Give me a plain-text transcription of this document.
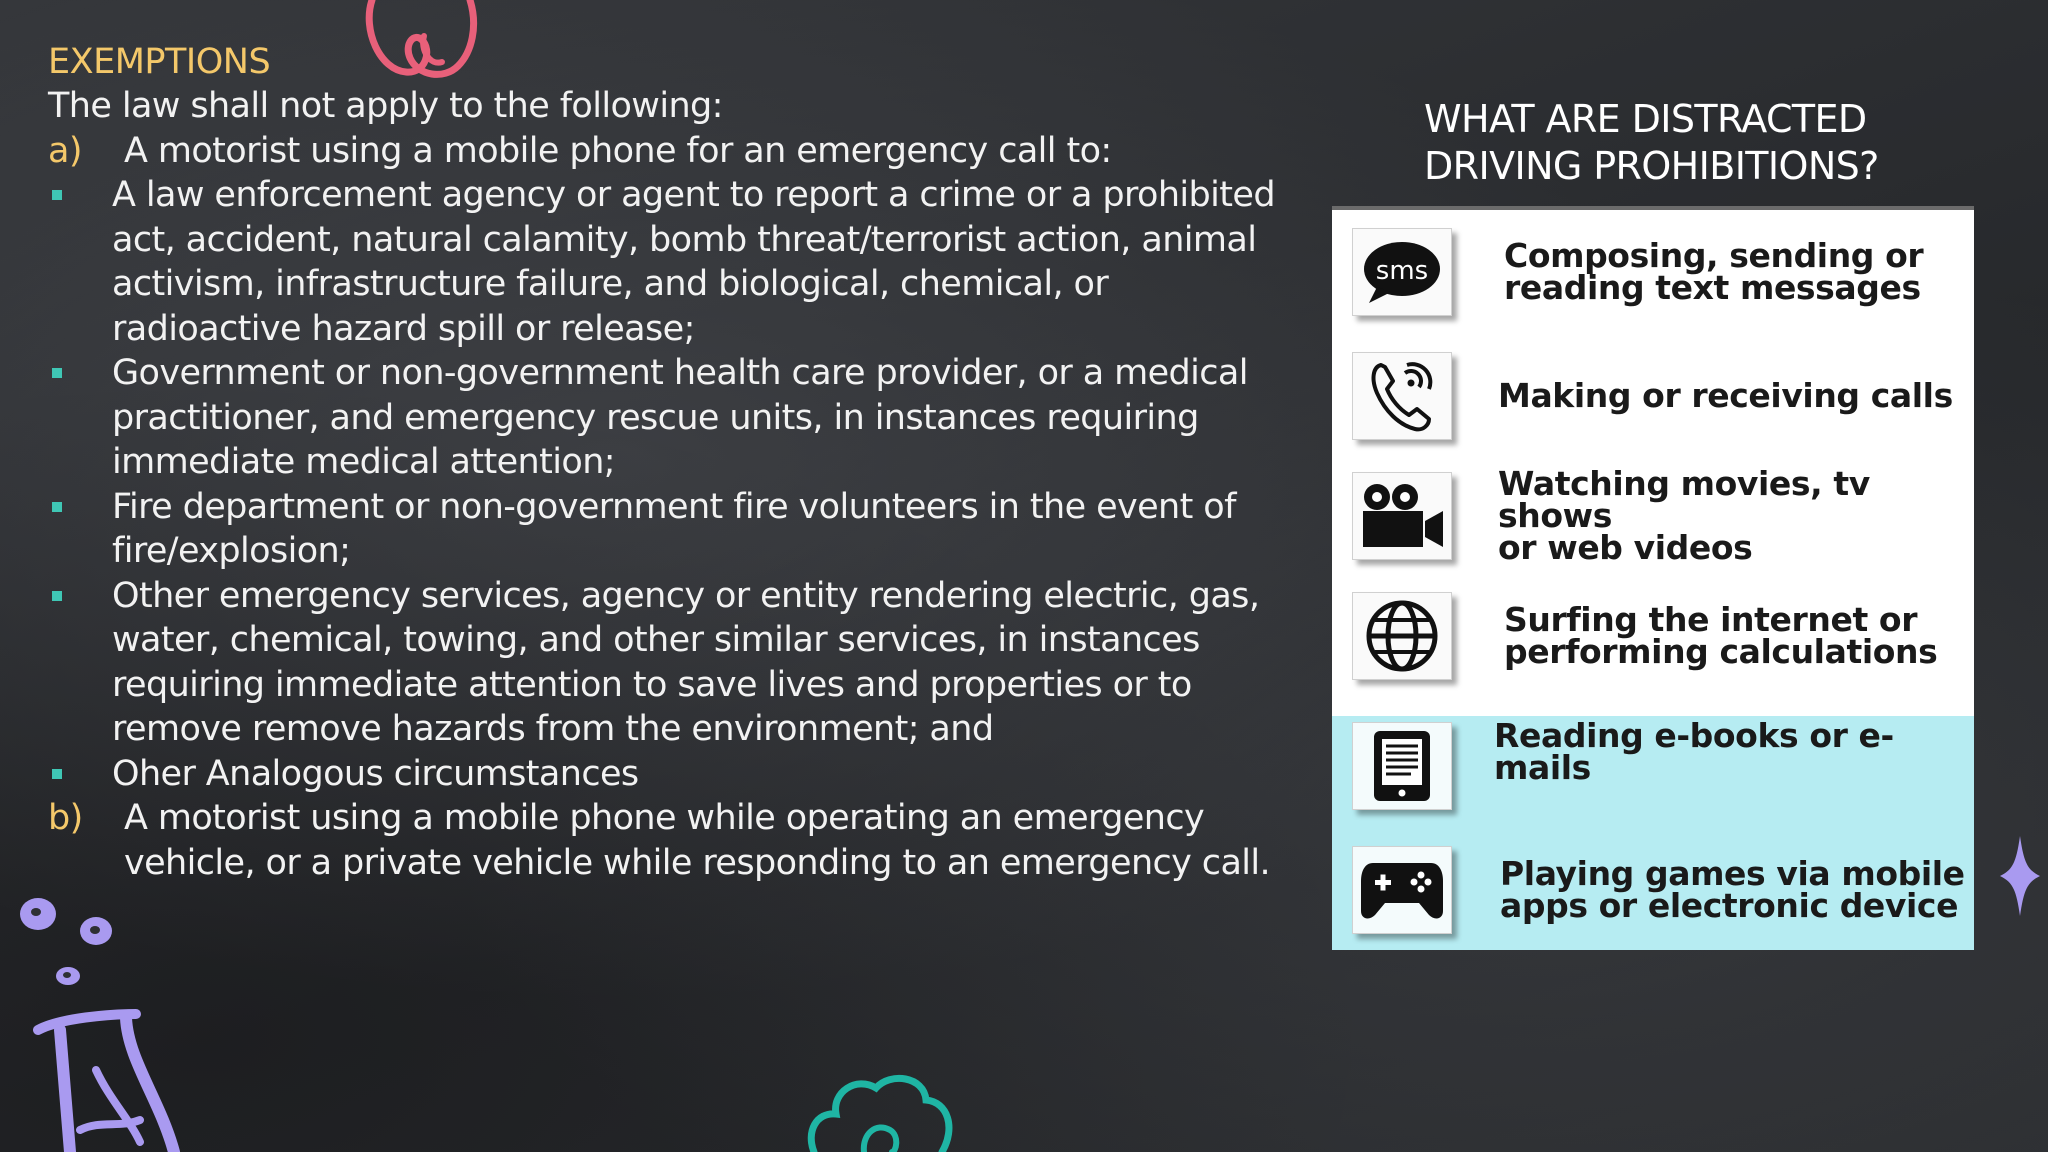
EXEMPTIONS
The law shall not apply to the following:
a)	A motorist using a mobile phone for an emergency call to:
A law enforcement agency or agent to report a crime or a prohibited act, accident, natural calamity, bomb threat/terrorist action, animal activism, infrastructure failure, and biological, chemical, or radioactive hazard spill or release;
Government or non-government health care provider, or a medical practitioner, and emergency rescue units, in instances requiring immediate medical attention;
Fire department or non-government fire volunteers in the event of fire/explosion;
Other emergency services, agency or entity rendering electric, gas, water, chemical, towing, and other similar services, in instances requiring immediate attention to save lives and properties or to remove remove hazards from the environment; and
Oher Analogous circumstances
b)	A motorist using a mobile phone while operating an emergency vehicle, or a private vehicle while responding to an emergency call.
WHAT ARE DISTRACTED
DRIVING PROHIBITIONS?
sms Composing, sending or
reading text messages
Making or receiving calls
Watching movies, tv shows
or web videos
Surfing the internet or
performing calculations
Reading e-books or e-mails
Playing games via mobile
apps or electronic device
